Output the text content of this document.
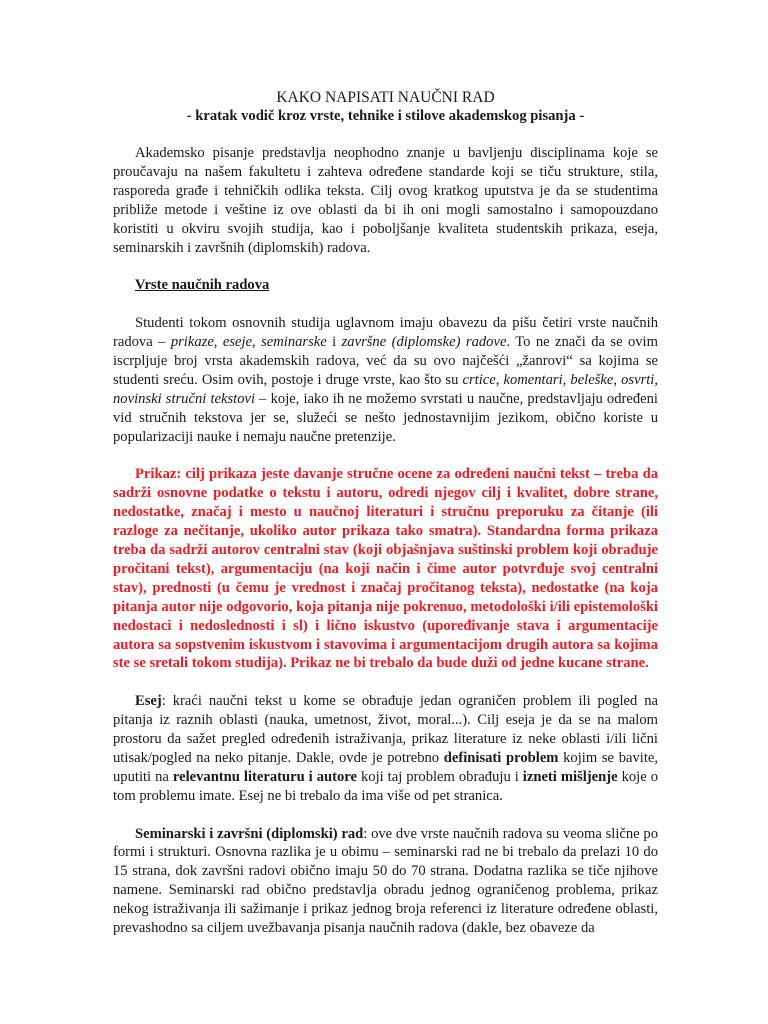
KAKO NAPISATI NAUČNI RAD
- kratak vodič kroz vrste, tehnike i stilove akademskog pisanja -

Akademsko pisanje predstavlja neophodno znanje u bavljenju disciplinama koje se proučavaju na našem fakultetu i zahteva određene standarde koji se tiču strukture, stila, rasporeda građe i tehničkih odlika teksta. Cilj ovog kratkog uputstva je da se studentima približe metode i veštine iz ove oblasti da bi ih oni mogli samostalno i samopouzdano koristiti u okviru svojih studija, kao i poboljšanje kvaliteta studentskih prikaza, eseja, seminarskih i završnih (diplomskih) radova.

Vrste naučnih radova

Studenti tokom osnovnih studija uglavnom imaju obavezu da pišu četiri vrste naučnih radova – prikaze, eseje, seminarske i završne (diplomske) radove. To ne znači da se ovim iscrpljuje broj vrsta akademskih radova, već da su ovo najčešći „žanrovi“ sa kojima se studenti sreću. Osim ovih, postoje i druge vrste, kao što su crtice, komentari, beleške, osvrti, novinski stručni tekstovi – koje, iako ih ne možemo svrstati u naučne, predstavljaju određeni vid stručnih tekstova jer se, služeći se nešto jednostavnijim jezikom, obično koriste u popularizaciji nauke i nemaju naučne pretenzije.

Prikaz: cilj prikaza jeste davanje stručne ocene za određeni naučni tekst – treba da sadrži osnovne podatke o tekstu i autoru, odredi njegov cilj i kvalitet, dobre strane, nedostatke, značaj i mesto u naučnoj literaturi i stručnu preporuku za čitanje (ili razloge za nečitanje, ukoliko autor prikaza tako smatra). Standardna forma prikaza treba da sadrži autorov centralni stav (koji objašnjava suštinski problem koji obrađuje pročitani tekst), argumentaciju (na koji način i čime autor potvrđuje svoj centralni stav), prednosti (u čemu je vrednost i značaj pročitanog teksta), nedostatke (na koja pitanja autor nije odgovorio, koja pitanja nije pokrenuo, metodološki i/ili epistemološki nedostaci i nedoslednosti i sl) i lično iskustvo (upoređivanje stava i argumentacije autora sa sopstvenim iskustvom i stavovima i argumentacijom drugih autora sa kojima ste se sretali tokom studija). Prikaz ne bi trebalo da bude duži od jedne kucane strane.

Esej: kraći naučni tekst u kome se obrađuje jedan ograničen problem ili pogled na pitanja iz raznih oblasti (nauka, umetnost, život, moral...). Cilj eseja je da se na malom prostoru da sažet pregled određenih istraživanja, prikaz literature iz neke oblasti i/ili lični utisak/pogled na neko pitanje. Dakle, ovde je potrebno definisati problem kojim se bavite, uputiti na relevantnu literaturu i autore koji taj problem obrađuju i izneti mišljenje koje o tom problemu imate. Esej ne bi trebalo da ima više od pet stranica.

Seminarski i završni (diplomski) rad: ove dve vrste naučnih radova su veoma slične po formi i strukturi. Osnovna razlika je u obimu – seminarski rad ne bi trebalo da prelazi 10 do 15 strana, dok završni radovi obično imaju 50 do 70 strana. Dodatna razlika se tiče njihove namene. Seminarski rad obično predstavlja obradu jednog ograničenog problema, prikaz nekog istraživanja ili sažimanje i prikaz jednog broja referenci iz literature određene oblasti, prevashodno sa ciljem uvežbavanja pisanja naučnih radova (dakle, bez obaveze da
